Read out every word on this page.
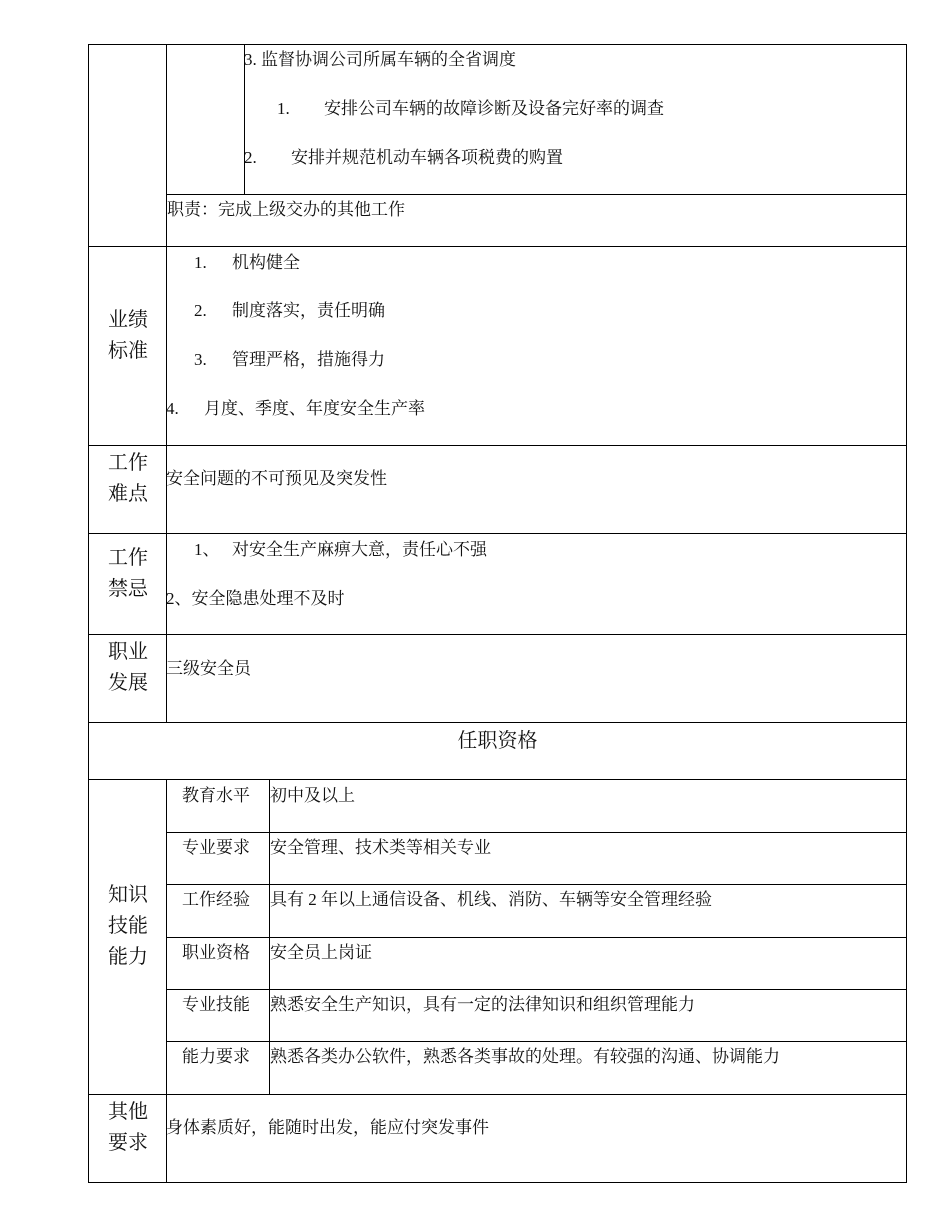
3. 监督协调公司所属车辆的全省调度
1. 安排公司车辆的故障诊断及设备完好率的调查
2. 安排并规范机动车辆各项税费的购置
职责：完成上级交办的其他工作
业绩
标准
1. 机构健全
2. 制度落实，责任明确
3. 管理严格，措施得力
4. 月度、季度、年度安全生产率
工作
难点
安全问题的不可预见及突发性
工作
禁忌
1、 对安全生产麻痹大意，责任心不强
2、安全隐患处理不及时
职业
发展
三级安全员
任职资格
知识
技能
能力
教育水平	初中及以上
专业要求	安全管理、技术类等相关专业
工作经验	具有 2 年以上通信设备、机线、消防、车辆等安全管理经验
职业资格	安全员上岗证
专业技能	熟悉安全生产知识，具有一定的法律知识和组织管理能力
能力要求	熟悉各类办公软件，熟悉各类事故的处理。有较强的沟通、协调能力
其他
要求
身体素质好，能随时出发，能应付突发事件
